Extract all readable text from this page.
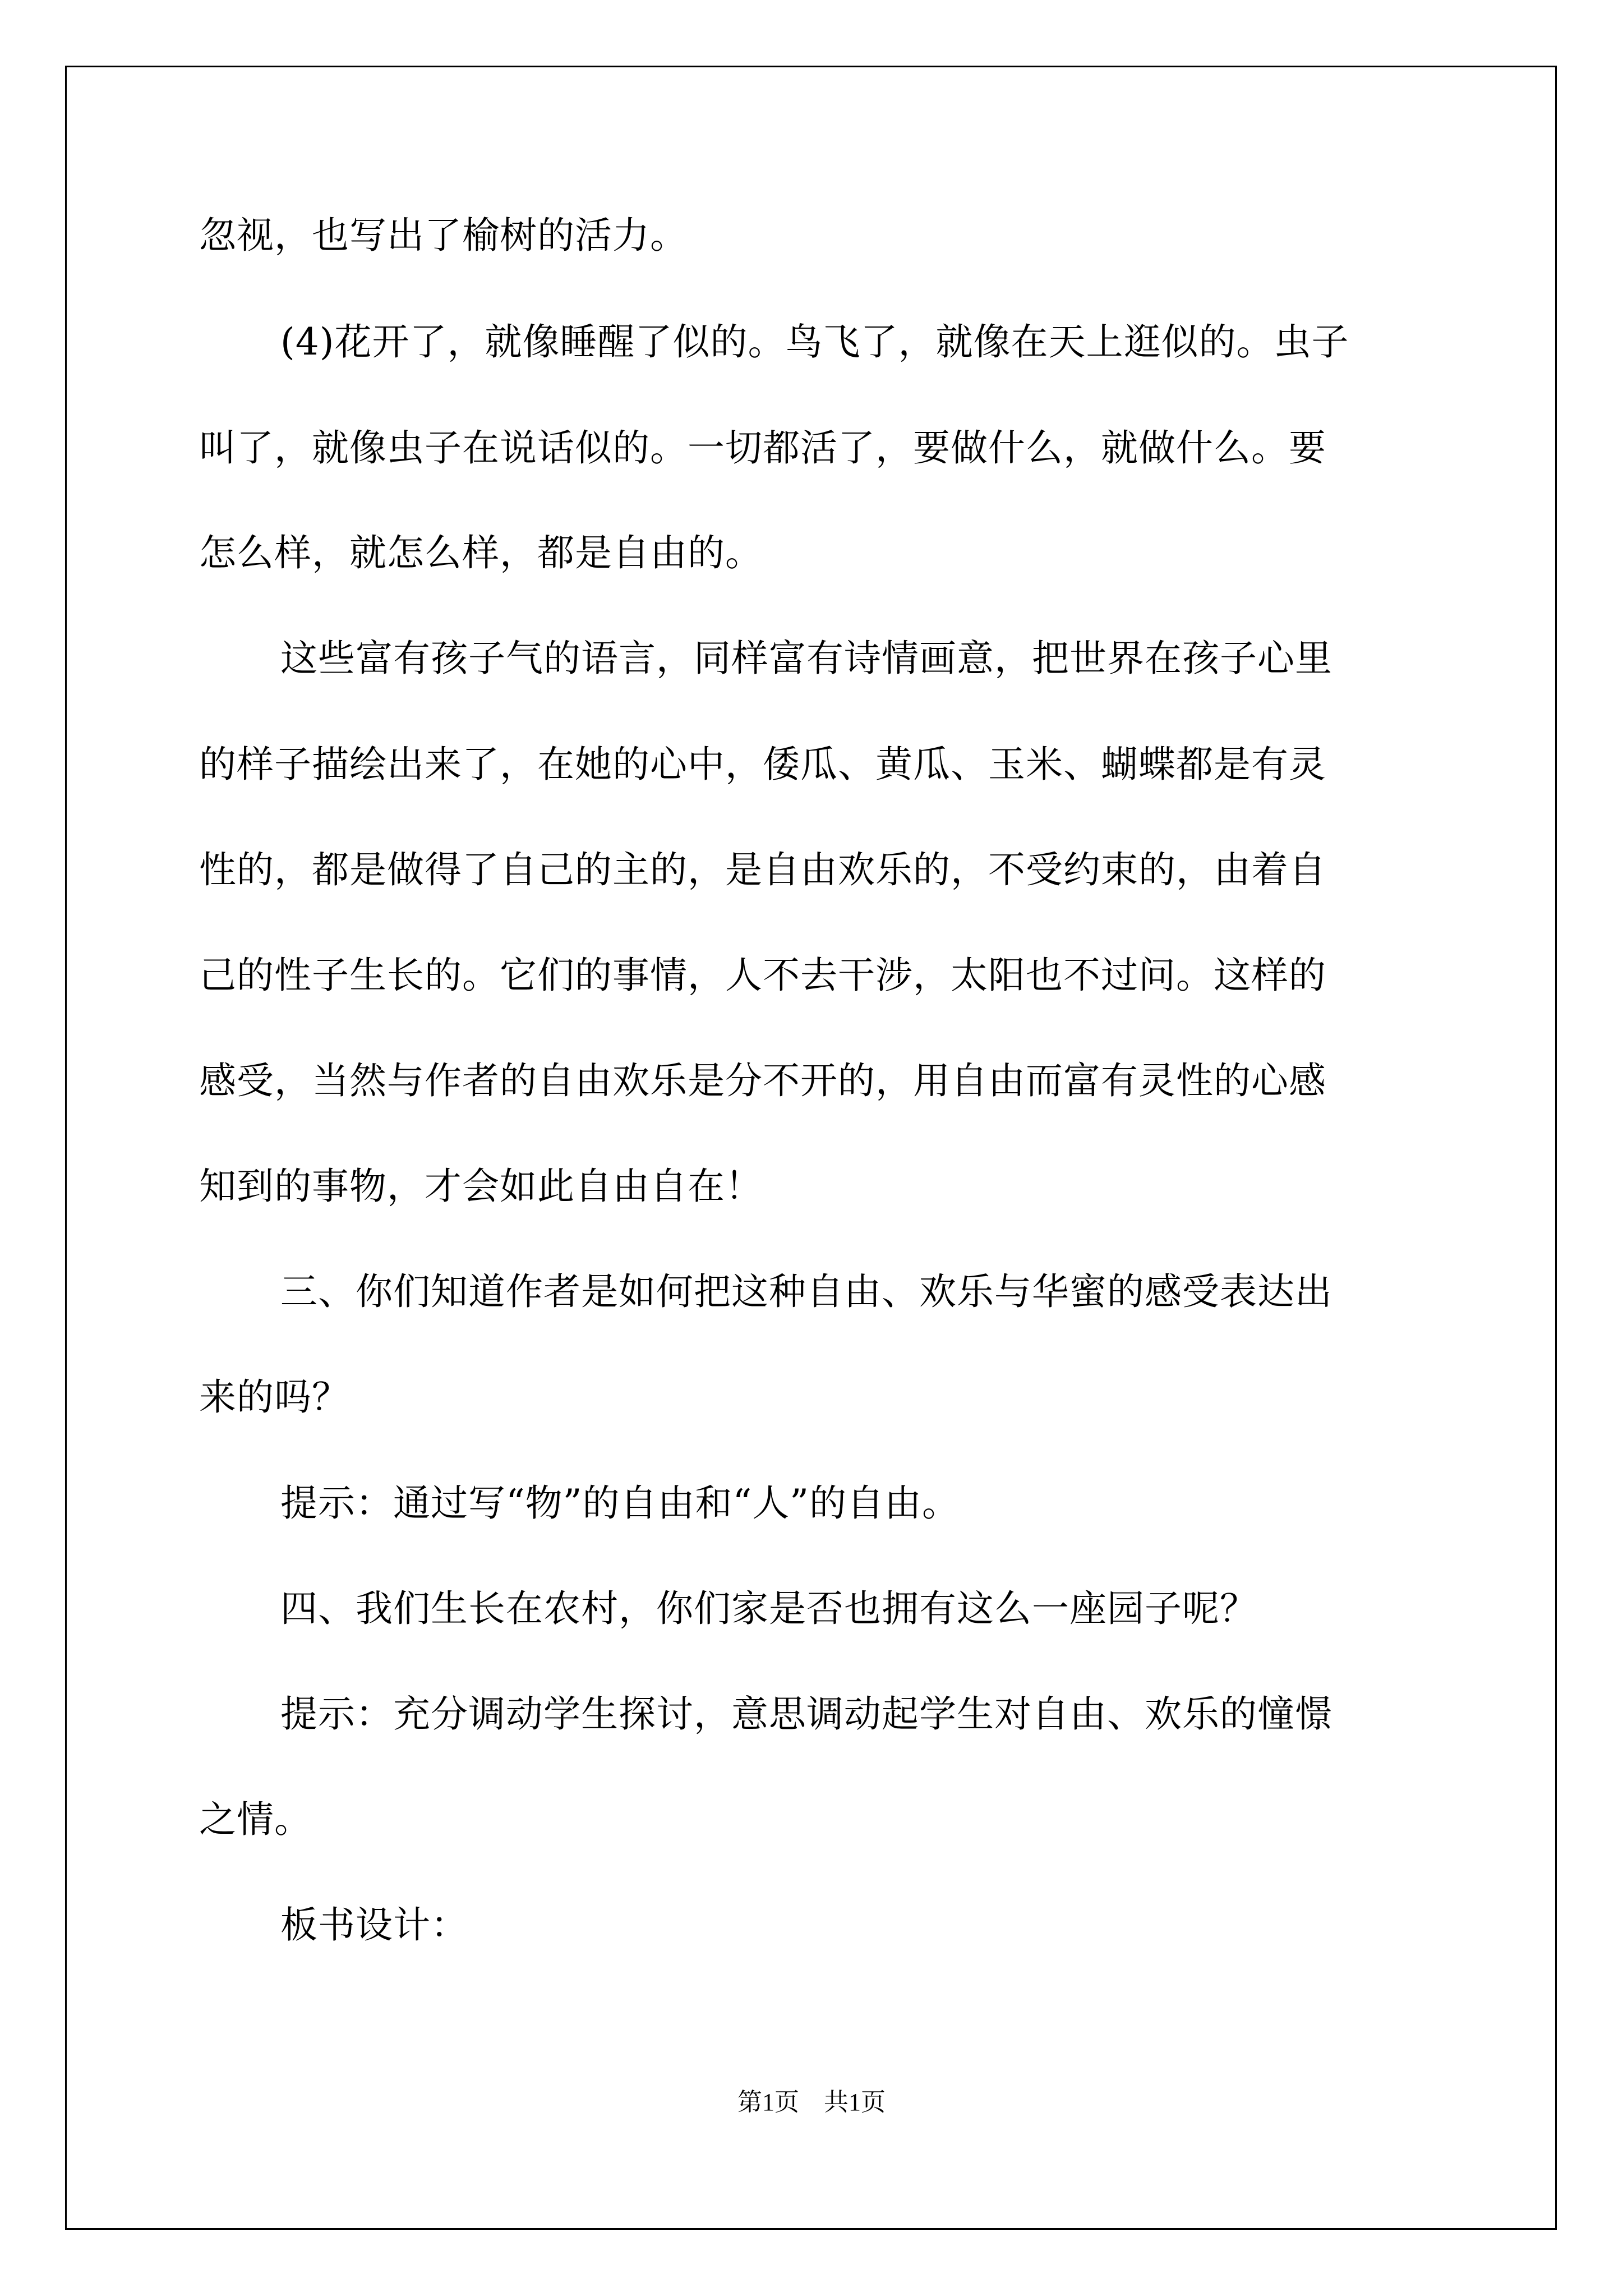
忽视，也写出了榆树的活力。
(4)花开了，就像睡醒了似的。鸟飞了，就像在天上逛似的。虫子
叫了，就像虫子在说话似的。一切都活了，要做什么，就做什么。要
怎么样，就怎么样，都是自由的。
这些富有孩子气的语言，同样富有诗情画意，把世界在孩子心里
的样子描绘出来了，在她的心中，倭瓜、黄瓜、玉米、蝴蝶都是有灵
性的，都是做得了自己的主的，是自由欢乐的，不受约束的，由着自
己的性子生长的。它们的事情，人不去干涉，太阳也不过问。这样的
感受，当然与作者的自由欢乐是分不开的，用自由而富有灵性的心感
知到的事物，才会如此自由自在！
三、你们知道作者是如何把这种自由、欢乐与华蜜的感受表达出
来的吗？
提示：通过写“物”的自由和“人”的自由。
四、我们生长在农村，你们家是否也拥有这么一座园子呢？
提示：充分调动学生探讨，意思调动起学生对自由、欢乐的憧憬
之情。
板书设计：
第1页　共1页
